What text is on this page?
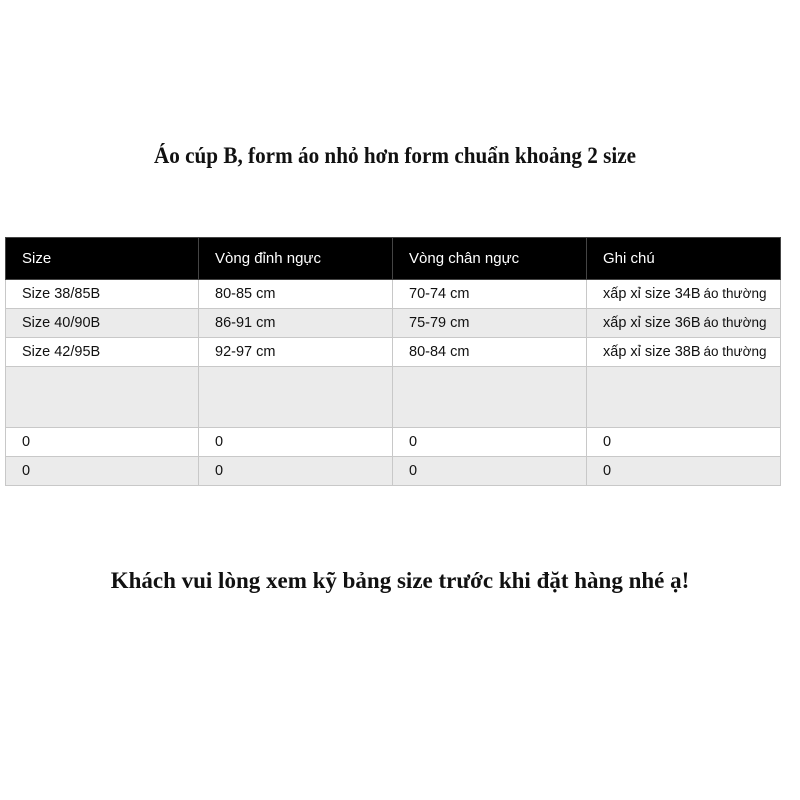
Áo cúp B, form áo nhỏ hơn form chuẩn khoảng 2 size
Size	Vòng đỉnh ngực	Vòng chân ngực	Ghi chú
Size 38/85B	80-85 cm	70-74 cm	xấp xỉ size 34B áo thường
Size 40/90B	86-91 cm	75-79 cm	xấp xỉ size 36B áo thường
Size 42/95B	92-97 cm	80-84 cm	xấp xỉ size 38B áo thường

0	0	0	0
0	0	0	0
Khách vui lòng xem kỹ bảng size trước khi đặt hàng nhé ạ!
